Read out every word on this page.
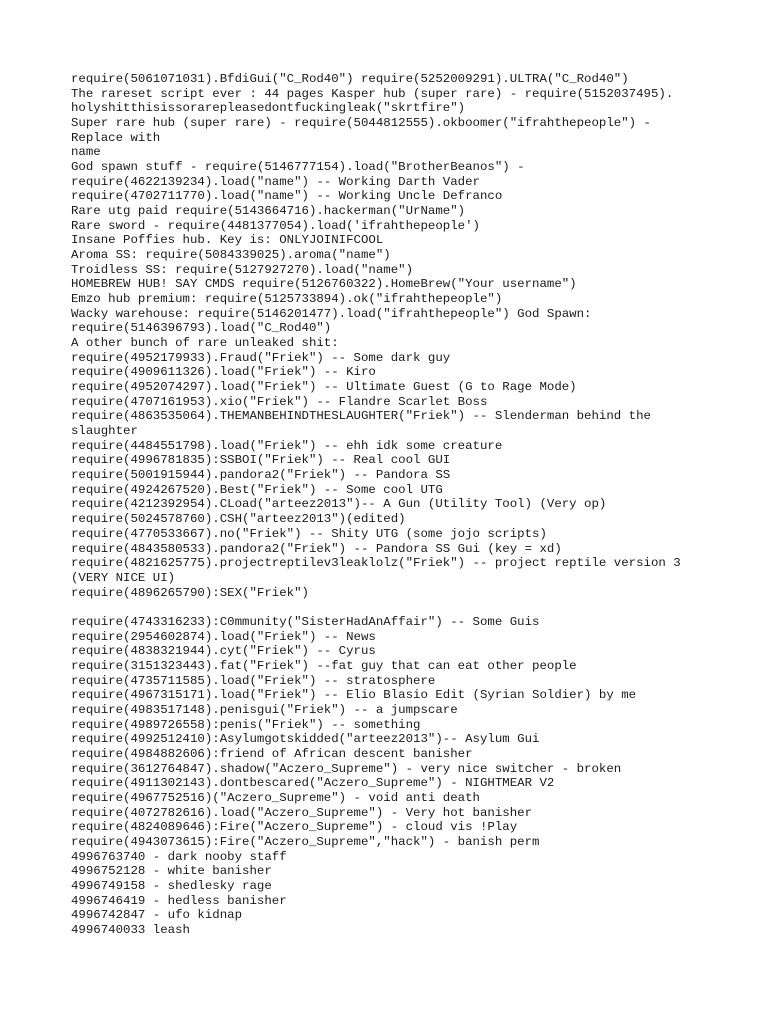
require(5061071031).BfdiGui("C_Rod40") require(5252009291).ULTRA("C_Rod40")
The rareset script ever : 44 pages Kasper hub (super rare) - require(5152037495).
holyshitthisissorarepleasedontfuckingleak("skrtfire")
Super rare hub (super rare) - require(5044812555).okboomer("ifrahthepeople") -
Replace with
name
God spawn stuff - require(5146777154).load("BrotherBeanos") -
require(4622139234).load("name") -- Working Darth Vader
require(4702711770).load("name") -- Working Uncle Defranco
Rare utg paid require(5143664716).hackerman("UrName")
Rare sword - require(4481377054).load('ifrahthepeople')
Insane Poffies hub. Key is: ONLYJOINIFCOOL
Aroma SS: require(5084339025).aroma("name")
Troidless SS: require(5127927270).load("name")
HOMEBREW HUB! SAY CMDS require(5126760322).HomeBrew("Your username")
Emzo hub premium: require(5125733894).ok("ifrahthepeople")
Wacky warehouse: require(5146201477).load("ifrahthepeople") God Spawn:
require(5146396793).load("C_Rod40")
A other bunch of rare unleaked shit:
require(4952179933).Fraud("Friek") -- Some dark guy
require(4909611326).load("Friek") -- Kiro
require(4952074297).load("Friek") -- Ultimate Guest (G to Rage Mode)
require(4707161953).xio("Friek") -- Flandre Scarlet Boss
require(4863535064).THEMANBEHINDTHESLAUGHTER("Friek") -- Slenderman behind the
slaughter
require(4484551798).load("Friek") -- ehh idk some creature
require(4996781835):SSBOI("Friek") -- Real cool GUI
require(5001915944).pandora2("Friek") -- Pandora SS
require(4924267520).Best("Friek") -- Some cool UTG
require(4212392954).CLoad("arteez2013")-- A Gun (Utility Tool) (Very op)
require(5024578760).CSH("arteez2013")(edited)
require(4770533667).no("Friek") -- Shity UTG (some jojo scripts)
require(4843580533).pandora2("Friek") -- Pandora SS Gui (key = xd)
require(4821625775).projectreptilev3leaklolz("Friek") -- project reptile version 3
(VERY NICE UI)
require(4896265790):SEX("Friek")
require(4743316233):C0mmunity("SisterHadAnAffair") -- Some Guis
require(2954602874).load("Friek") -- News
require(4838321944).cyt("Friek") -- Cyrus
require(3151323443).fat("Friek") --fat guy that can eat other people
require(4735711585).load("Friek") -- stratosphere
require(4967315171).load("Friek") -- Elio Blasio Edit (Syrian Soldier) by me
require(4983517148).penisgui("Friek") -- a jumpscare
require(4989726558):penis("Friek") -- something
require(4992512410):Asylumgotskidded("arteez2013")-- Asylum Gui
require(4984882606):friend of African descent banisher
require(3612764847).shadow("Aczero_Supreme") - very nice switcher - broken
require(4911302143).dontbescared("Aczero_Supreme") - NIGHTMEAR V2
require(4967752516)("Aczero_Supreme") - void anti death
require(4072782616).load("Aczero_Supreme") - Very hot banisher
require(4824089646):Fire("Aczero_Supreme") - cloud vis !Play
require(4943073615):Fire("Aczero_Supreme","hack") - banish perm
4996763740 - dark nooby staff
4996752128 - white banisher
4996749158 - shedlesky rage
4996746419 - hedless banisher
4996742847 - ufo kidnap
4996740033 leash
